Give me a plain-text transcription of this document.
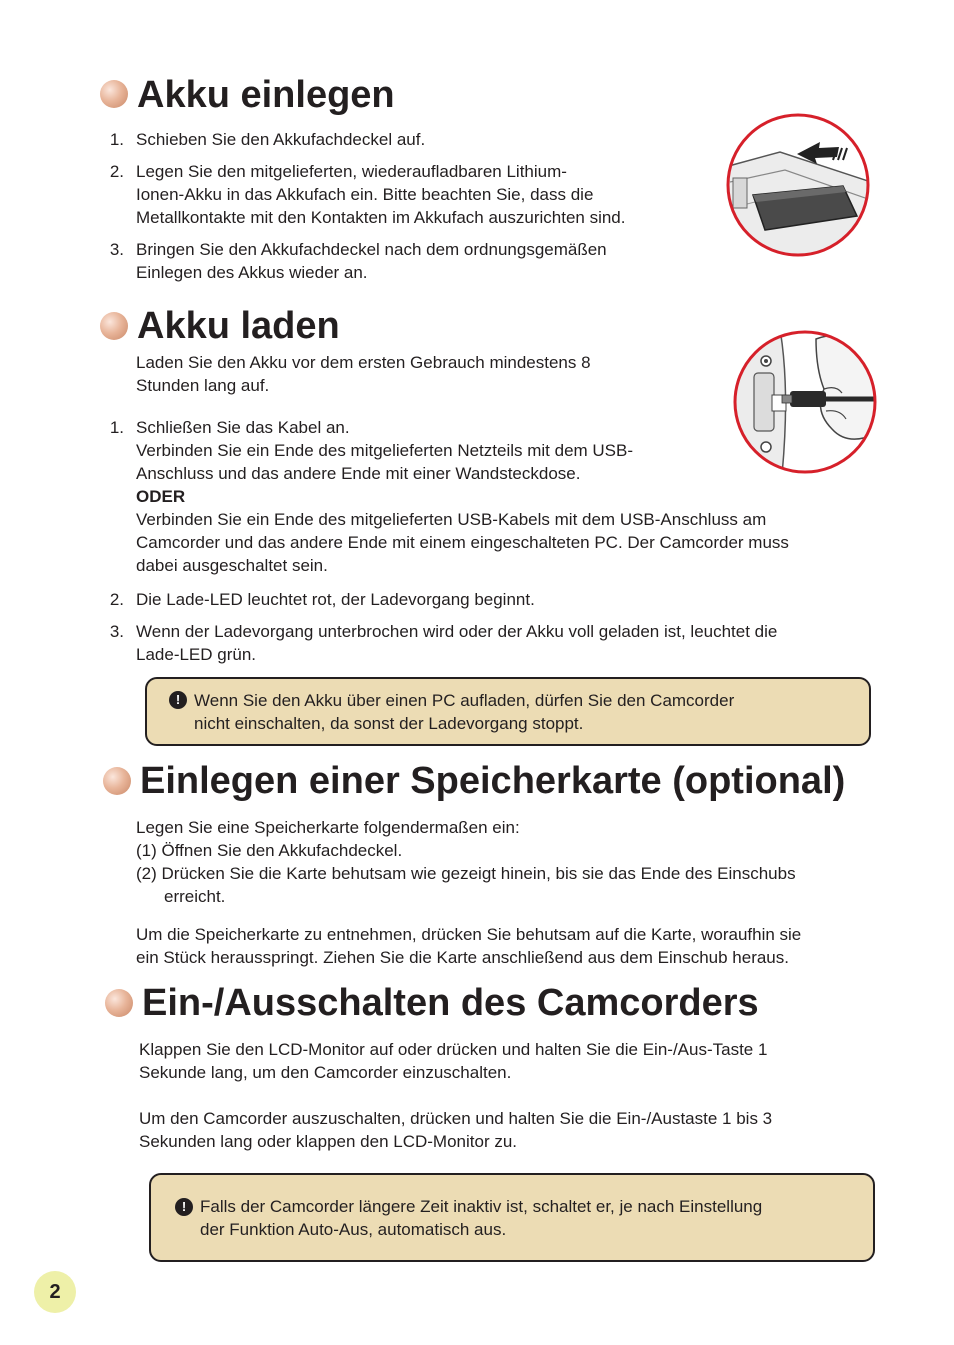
Akku einlegen
1. Schieben Sie den Akkufachdeckel auf.
2. Legen Sie den mitgelieferten, wiederaufladbaren Lithium-
Ionen-Akku in das Akkufach ein. Bitte beachten Sie, dass die
Metallkontakte mit den Kontakten im Akkufach auszurichten sind.
3. Bringen Sie den Akkufachdeckel nach dem ordnungsgemäßen
Einlegen des Akkus wieder an.
Akku laden
Laden Sie den Akku vor dem ersten Gebrauch mindestens 8
Stunden lang auf.
1. Schließen Sie das Kabel an.
Verbinden Sie ein Ende des mitgelieferten Netzteils mit dem USB-
Anschluss und das andere Ende mit einer Wandsteckdose.
ODER
Verbinden Sie ein Ende des mitgelieferten USB-Kabels mit dem USB-Anschluss am
Camcorder und das andere Ende mit einem eingeschalteten PC. Der Camcorder muss
dabei ausgeschaltet sein.
2. Die Lade-LED leuchtet rot, der Ladevorgang beginnt.
3. Wenn der Ladevorgang unterbrochen wird oder der Akku voll geladen ist, leuchtet die
Lade-LED grün.
! Wenn Sie den Akku über einen PC aufladen, dürfen Sie den Camcorder
nicht einschalten, da sonst der Ladevorgang stoppt.
Einlegen einer Speicherkarte (optional)
Legen Sie eine Speicherkarte folgendermaßen ein:
(1) Öffnen Sie den Akkufachdeckel.
(2) Drücken Sie die Karte behutsam wie gezeigt hinein, bis sie das Ende des Einschubs
erreicht.
Um die Speicherkarte zu entnehmen, drücken Sie behutsam auf die Karte, woraufhin sie
ein Stück herausspringt. Ziehen Sie die Karte anschließend aus dem Einschub heraus.
Ein-/Ausschalten des Camcorders
Klappen Sie den LCD-Monitor auf oder drücken und halten Sie die Ein-/Aus-Taste 1
Sekunde lang, um den Camcorder einzuschalten.
Um den Camcorder auszuschalten, drücken und halten Sie die Ein-/Austaste 1 bis 3
Sekunden lang oder klappen den LCD-Monitor zu.
! Falls der Camcorder längere Zeit inaktiv ist, schaltet er, je nach Einstellung
der Funktion Auto-Aus, automatisch aus.
2
